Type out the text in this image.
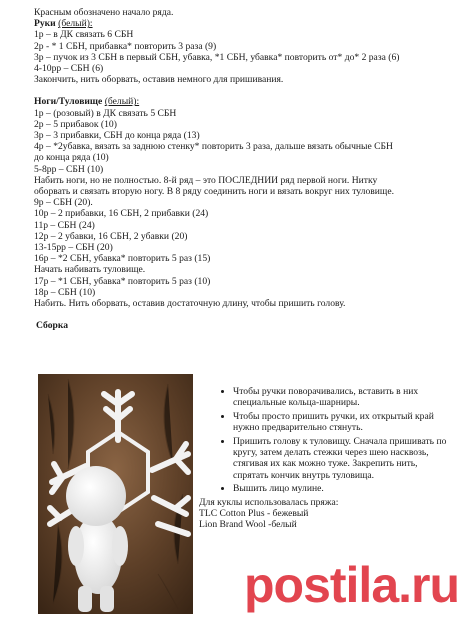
Красным обозначено начало ряда.
Руки (белый):
1р – в ДК связать 6 СБН
2р - * 1 СБН, прибавка* повторить 3 раза (9)
3р – пучок из 3 СБН в первый СБН, убавка, *1 СБН, убавка* повторить от* до* 2 раза (6)
4-10рр – СБН (6)
Закончить, нить оборвать, оставив немного для пришивания.
Ноги/Туловище (белый):
1р – (розовый) в ДК связать 5 СБН
2р – 5 прибавок (10)
3р – 3 прибавки, СБН до конца ряда (13)
4р – *2убавка, вязать за заднюю стенку* повторить 3 раза, дальше вязать обычные СБН
до конца ряда (10)
5-8рр – СБН (10)
Набить ноги, но не полностью. 8-й ряд – это ПОСЛЕДНИИ ряд первой ноги. Нитку
оборвать и связать вторую ногу. В 8 ряду соединить ноги и вязать вокруг них туловище.
9р – СБН (20).
10р – 2 прибавки, 16 СБН, 2 прибавки (24)
11р – СБН (24)
12р – 2 убавки, 16 СБН, 2 убавки (20)
13-15рр – СБН (20)
16р – *2 СБН, убавка* повторить 5 раз (15)
Начать набивать туловище.
17р – *1 СБН, убавка* повторить 5 раз (10)
18р – СБН (10)
Набить. Нить оборвать, оставив достаточную длину, чтобы пришить голову.
Сборка
• Чтобы ручки поворачивались, вставить в них специальные кольца-шарниры.
• Чтобы просто пришить ручки, их открытый край нужно предварительно стянуть.
• Пришить голову к туловищу. Сначала пришивать по кругу, затем делать стежки через шею насквозь, стягивая их как можно туже. Закрепить нить, спрятать кончик внутрь туловища.
• Вышить лицо мулине.
Для куклы использовалась пряжа:
TLC Cotton Plus - бежевый
Lion Brand Wool -белый
postila.ru
